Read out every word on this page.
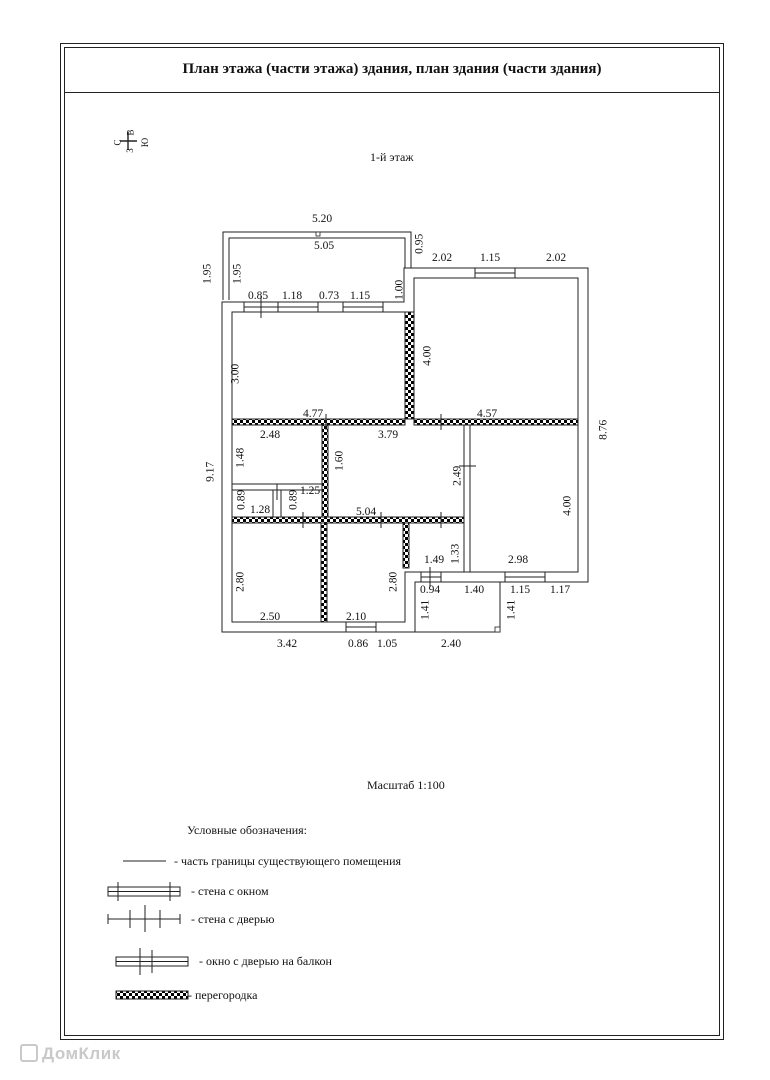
План этажа (части этажа) здания, план здания (части здания)
С
В
З
Ю
1-й этаж
5.20
5.05	0.95
1.95 1.95
2.02 1.15	2.02
0.85 1.18 0.73 1.15 1.00
3.00
4.00
4.77	4.57
8.76
2.48	3.79
1.48	1.60
2.49
9.17
0.89	0.89 1.25
1.28	5.04	4.00
1.49 1.33
2.80	2.80
2.98
0.94 1.40 1.15 1.17
1.41	1.41
2.50	2.10
3.42	0.86 1.05	2.40
Масштаб 1:100
Условные обозначения:
- часть границы существующего помещения
- стена с окном
- стена с дверью
- окно с дверью на балкон
- перегородка
ДомКлик
